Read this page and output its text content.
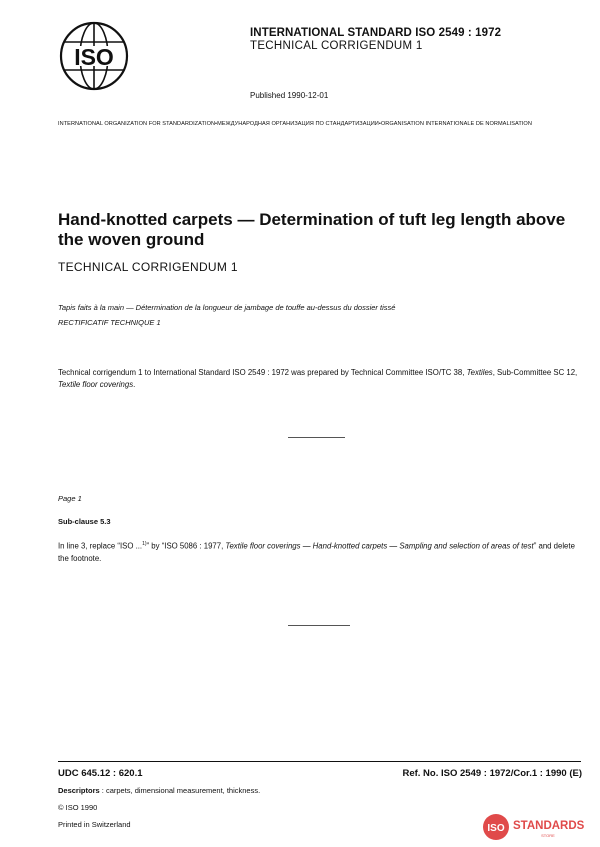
ISO
INTERNATIONAL STANDARD ISO 2549 : 1972
TECHNICAL CORRIGENDUM 1
Published 1990-12-01
INTERNATIONAL ORGANIZATION FOR STANDARDIZATION•МЕЖДУНАРОДНАЯ ОРГАНИЗАЦИЯ ПО СТАНДАРТИЗАЦИИ•ORGANISATION INTERNATIONALE DE NORMALISATION
Hand-knotted carpets — Determination of tuft leg length above the woven ground
TECHNICAL CORRIGENDUM 1
Tapis faits à la main — Détermination de la longueur de jambage de touffe au-dessus du dossier tissé
RECTIFICATIF TECHNIQUE 1
Technical corrigendum 1 to International Standard ISO 2549 : 1972 was prepared by Technical Committee ISO/TC 38, Textiles, Sub-Committee SC 12, Textile floor coverings.
Page 1
Sub-clause 5.3
In line 3, replace “ISO ...$^{1)}$” by “ISO 5086 : 1977, Textile floor coverings — Hand-knotted carpets — Sampling and selection of areas of test” and delete the footnote.
UDC 645.12 : 620.1	Ref. No. ISO 2549 : 1972/Cor.1 : 1990 (E)
Descriptors : carpets, dimensional measurement, thickness.
© ISO 1990
Printed in Switzerland	ISO STANDARDS
STORE
